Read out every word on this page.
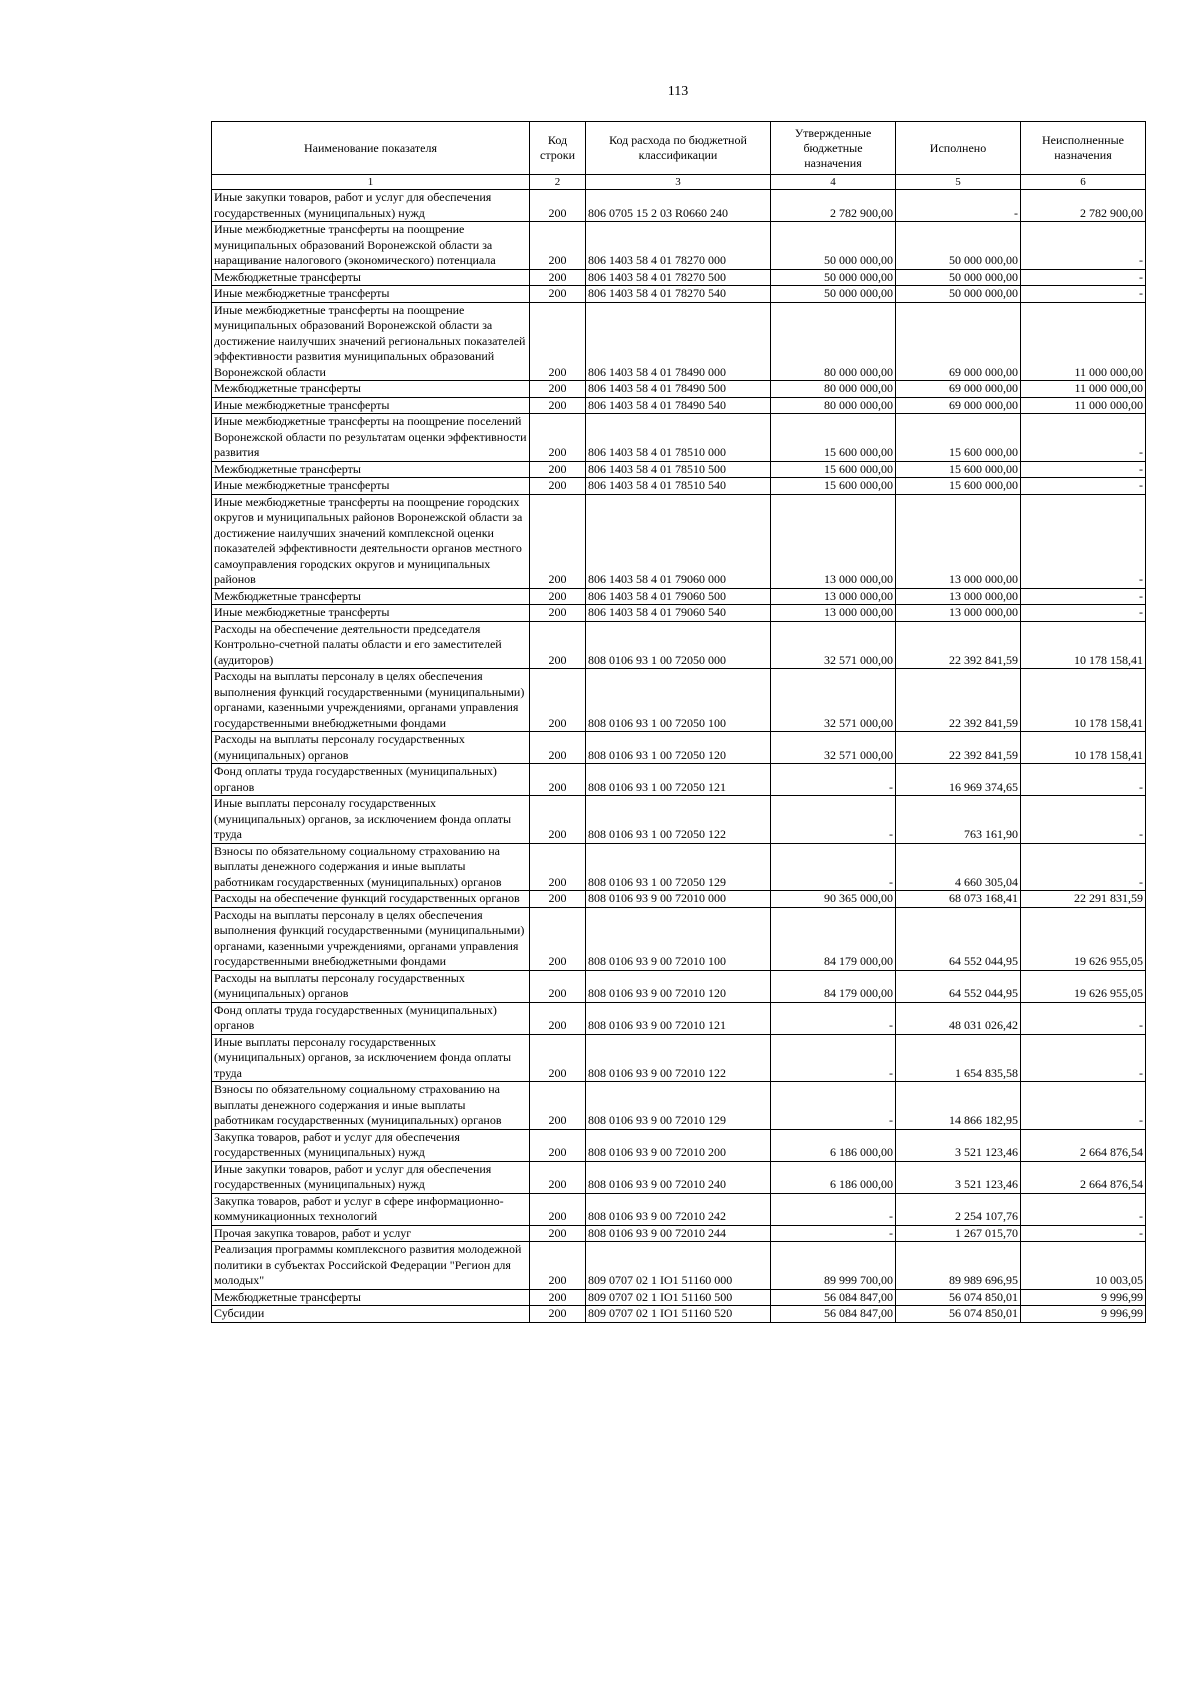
113
Наименование показателя	Код строки	Код расхода по бюджетной классификации	Утвержденные бюджетные назначения	Исполнено	Неисполненные назначения
1	2	3	4	5	6
Иные закупки товаров, работ и услуг для обеспечения государственных (муниципальных) нужд	200	806 0705 15 2 03 R0660 240	2 782 900,00	-	2 782 900,00
Иные межбюджетные трансферты на поощрение муниципальных образований Воронежской области за наращивание налогового (экономического) потенциала	200	806 1403 58 4 01 78270 000	50 000 000,00	50 000 000,00	-
Межбюджетные трансферты	200	806 1403 58 4 01 78270 500	50 000 000,00	50 000 000,00	-
Иные межбюджетные трансферты	200	806 1403 58 4 01 78270 540	50 000 000,00	50 000 000,00	-
Иные межбюджетные трансферты на поощрение муниципальных образований Воронежской области за достижение наилучших значений региональных показателей эффективности развития муниципальных образований Воронежской области	200	806 1403 58 4 01 78490 000	80 000 000,00	69 000 000,00	11 000 000,00
Межбюджетные трансферты	200	806 1403 58 4 01 78490 500	80 000 000,00	69 000 000,00	11 000 000,00
Иные межбюджетные трансферты	200	806 1403 58 4 01 78490 540	80 000 000,00	69 000 000,00	11 000 000,00
Иные межбюджетные трансферты на поощрение поселений Воронежской области по результатам оценки эффективности развития	200	806 1403 58 4 01 78510 000	15 600 000,00	15 600 000,00	-
Межбюджетные трансферты	200	806 1403 58 4 01 78510 500	15 600 000,00	15 600 000,00	-
Иные межбюджетные трансферты	200	806 1403 58 4 01 78510 540	15 600 000,00	15 600 000,00	-
Иные межбюджетные трансферты на поощрение городских округов и муниципальных районов Воронежской области за достижение наилучших значений комплексной оценки показателей эффективности деятельности органов местного самоуправления городских округов и муниципальных районов	200	806 1403 58 4 01 79060 000	13 000 000,00	13 000 000,00	-
Межбюджетные трансферты	200	806 1403 58 4 01 79060 500	13 000 000,00	13 000 000,00	-
Иные межбюджетные трансферты	200	806 1403 58 4 01 79060 540	13 000 000,00	13 000 000,00	-
Расходы на обеспечение деятельности председателя Контрольно-счетной палаты области и его заместителей (аудиторов)	200	808 0106 93 1 00 72050 000	32 571 000,00	22 392 841,59	10 178 158,41
Расходы на выплаты персоналу в целях обеспечения выполнения функций государственными (муниципальными) органами, казенными учреждениями, органами управления государственными внебюджетными фондами	200	808 0106 93 1 00 72050 100	32 571 000,00	22 392 841,59	10 178 158,41
Расходы на выплаты персоналу государственных (муниципальных) органов	200	808 0106 93 1 00 72050 120	32 571 000,00	22 392 841,59	10 178 158,41
Фонд оплаты труда государственных (муниципальных) органов	200	808 0106 93 1 00 72050 121	-	16 969 374,65	-
Иные выплаты персоналу государственных (муниципальных) органов, за исключением фонда оплаты труда	200	808 0106 93 1 00 72050 122	-	763 161,90	-
Взносы по обязательному социальному страхованию на выплаты денежного содержания и иные выплаты работникам государственных (муниципальных) органов	200	808 0106 93 1 00 72050 129	-	4 660 305,04	-
Расходы на обеспечение функций государственных органов	200	808 0106 93 9 00 72010 000	90 365 000,00	68 073 168,41	22 291 831,59
Расходы на выплаты персоналу в целях обеспечения выполнения функций государственными (муниципальными) органами, казенными учреждениями, органами управления государственными внебюджетными фондами	200	808 0106 93 9 00 72010 100	84 179 000,00	64 552 044,95	19 626 955,05
Расходы на выплаты персоналу государственных (муниципальных) органов	200	808 0106 93 9 00 72010 120	84 179 000,00	64 552 044,95	19 626 955,05
Фонд оплаты труда государственных (муниципальных) органов	200	808 0106 93 9 00 72010 121	-	48 031 026,42	-
Иные выплаты персоналу государственных (муниципальных) органов, за исключением фонда оплаты труда	200	808 0106 93 9 00 72010 122	-	1 654 835,58	-
Взносы по обязательному социальному страхованию на выплаты денежного содержания и иные выплаты работникам государственных (муниципальных) органов	200	808 0106 93 9 00 72010 129	-	14 866 182,95	-
Закупка товаров, работ и услуг для обеспечения государственных (муниципальных) нужд	200	808 0106 93 9 00 72010 200	6 186 000,00	3 521 123,46	2 664 876,54
Иные закупки товаров, работ и услуг для обеспечения государственных (муниципальных) нужд	200	808 0106 93 9 00 72010 240	6 186 000,00	3 521 123,46	2 664 876,54
Закупка товаров, работ и услуг в сфере информационно-коммуникационных технологий	200	808 0106 93 9 00 72010 242	-	2 254 107,76	-
Прочая закупка товаров, работ и услуг	200	808 0106 93 9 00 72010 244	-	1 267 015,70	-
Реализация программы комплексного развития молодежной политики в субъектах Российской Федерации "Регион для молодых"	200	809 0707 02 1 IO1 51160 000	89 999 700,00	89 989 696,95	10 003,05
Межбюджетные трансферты	200	809 0707 02 1 IO1 51160 500	56 084 847,00	56 074 850,01	9 996,99
Субсидии	200	809 0707 02 1 IO1 51160 520	56 084 847,00	56 074 850,01	9 996,99
